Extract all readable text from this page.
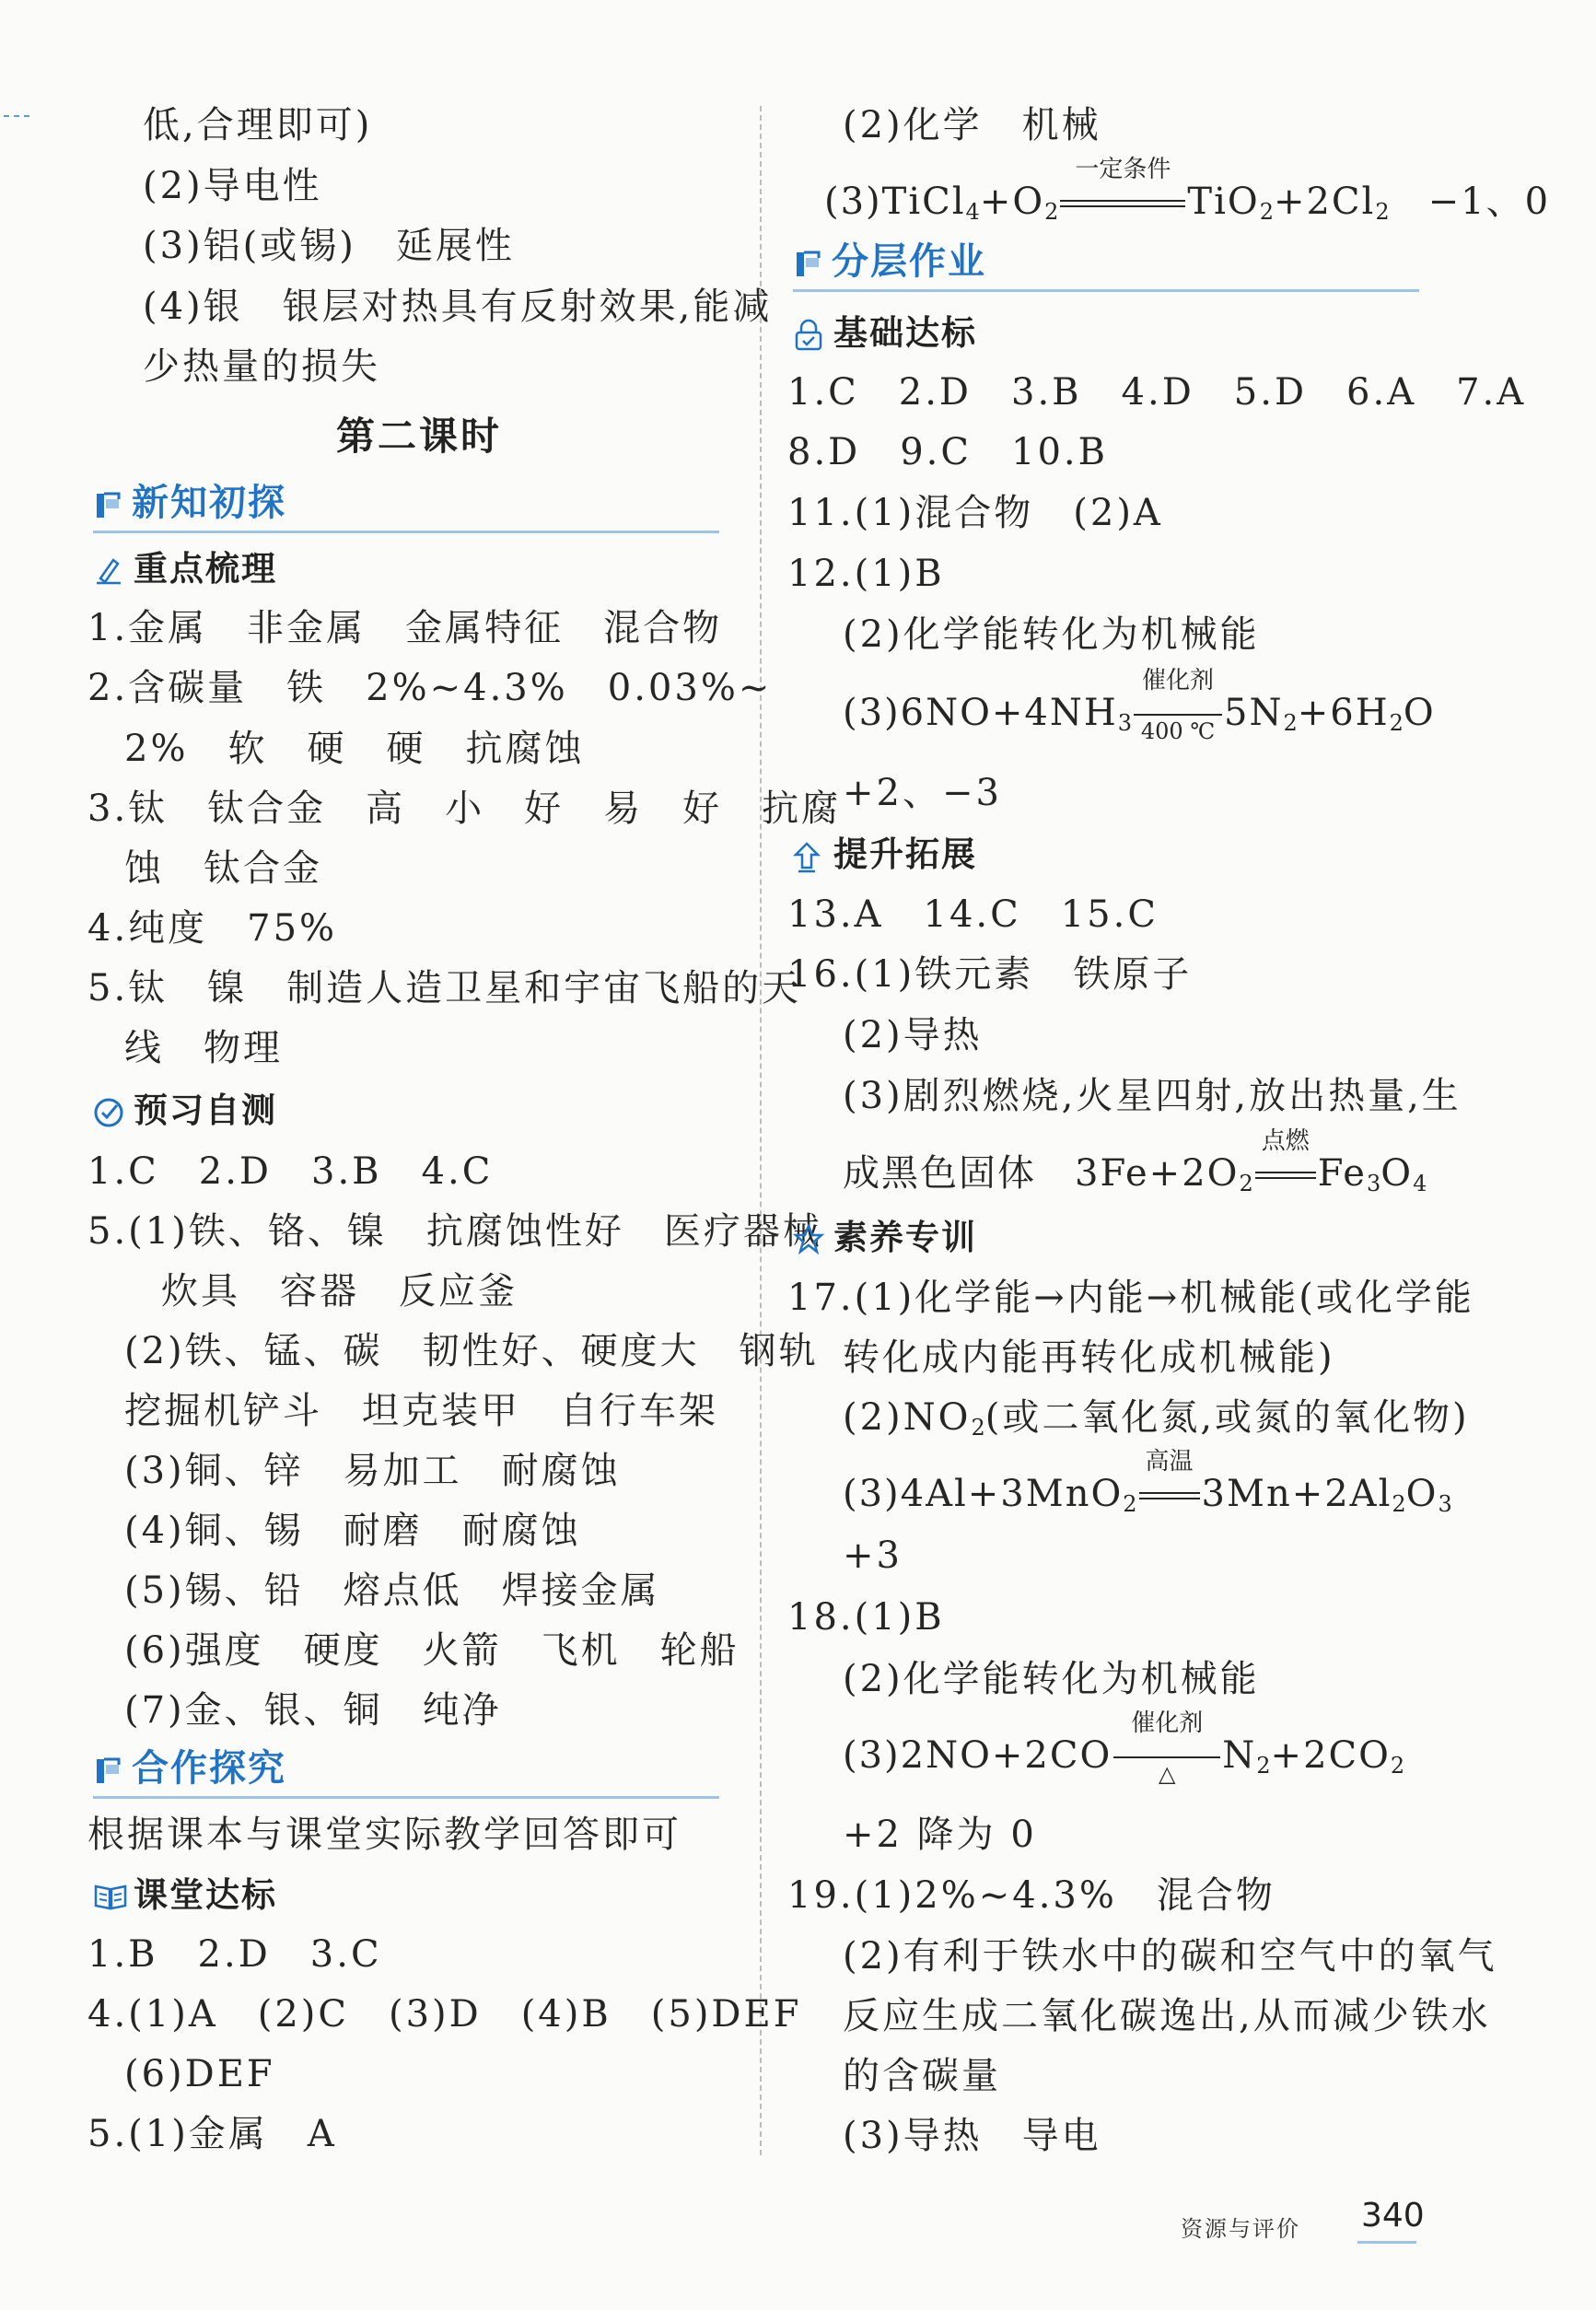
低,合理即可)
(2)导电性
(3)铝(或锡)　延展性
(4)银　银层对热具有反射效果,能减
少热量的损失
第二课时
新知初探
重点梳理
1.金属　非金属　金属特征　混合物
2.含碳量　铁　2%~4.3%　0.03%~
2%　软　硬　硬　抗腐蚀
3.钛　钛合金　高　小　好　易　好　抗腐
蚀　钛合金
4.纯度　75%
5.钛　镍　制造人造卫星和宇宙飞船的天
线　物理
预习自测
1.C　2.D　3.B　4.C
5.(1)铁、铬、镍　抗腐蚀性好　医疗器械
炊具　容器　反应釜
(2)铁、锰、碳　韧性好、硬度大　钢轨
挖掘机铲斗　坦克装甲　自行车架
(3)铜、锌　易加工　耐腐蚀
(4)铜、锡　耐磨　耐腐蚀
(5)锡、铅　熔点低　焊接金属
(6)强度　硬度　火箭　飞机　轮船
(7)金、银、铜　纯净
合作探究
根据课本与课堂实际教学回答即可
课堂达标
1.B　2.D　3.C
4.(1)A　(2)C　(3)D　(4)B　(5)DEF
(6)DEF
5.(1)金属　A
(2)化学　机械
$(3)TiCl_4+O_2$
一定条件
$TiO_2+2Cl_2$　−1、0
分层作业
基础达标
1.C　2.D　3.B　4.D　5.D　6.A　7.A
8.D　9.C　10.B
11.(1)混合物　(2)A
12.(1)B
(2)化学能转化为机械能
$(3)6NO+4NH_3$
催化剂
400 ℃ $5N_2+6H_2O$
+2、−3
提升拓展
13.A　14.C　15.C
16.(1)铁元素　铁原子
(2)导热
(3)剧烈燃烧,火星四射,放出热量,生
成黑色固体　$3Fe+2O_2$
点燃
$Fe_3O_4$
素养专训
17.(1)化学能→内能→机械能(或化学能
转化成内能再转化成机械能)
$(2)NO_2$(或二氧化氮,或氮的氧化物)
(3)4Al+3MnO$_2$
高温
$3Mn+2Al_2O_3$
+3
18.(1)B
(2)化学能转化为机械能
(3)2NO+2CO
催化剂
△	$N_2+2CO_2$
+2 降为 0
19.(1)2%~4.3%　混合物
(2)有利于铁水中的碳和空气中的氧气
反应生成二氧化碳逸出,从而减少铁水
的含碳量
(3)导热　导电
资源与评价 340
